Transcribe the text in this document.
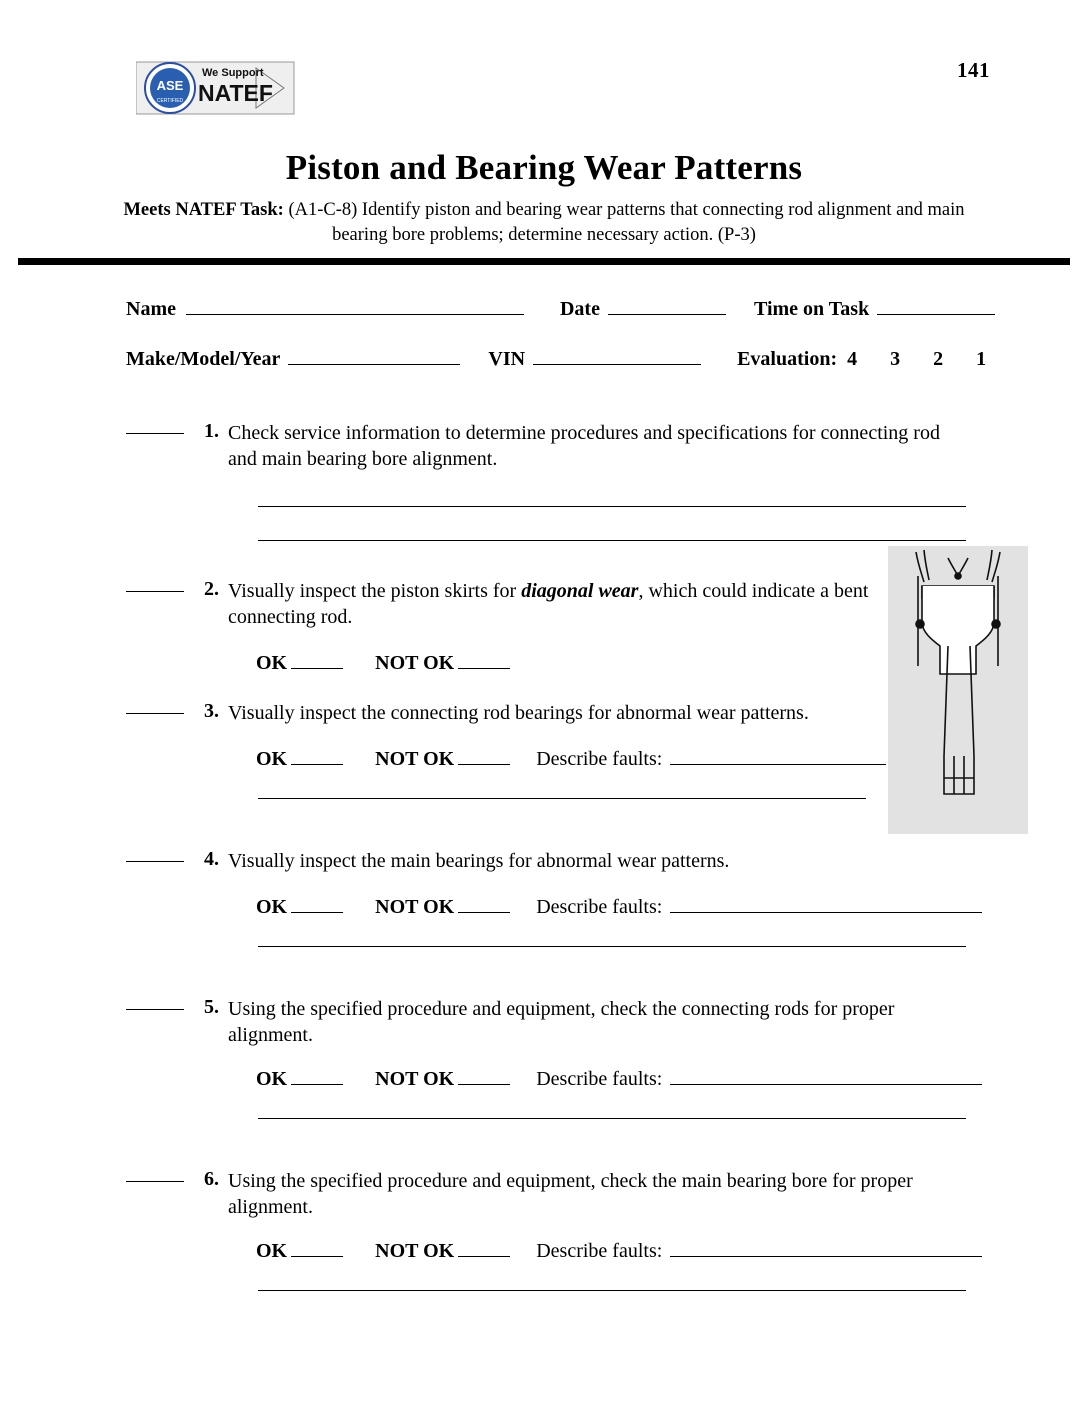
141
ASE
CERTIFIED
We Support
NATEF
Piston and Bearing Wear Patterns
Meets NATEF Task: (A1-C-8) Identify piston and bearing wear patterns that connecting rod alignment and main bearing bore problems; determine necessary action. (P-3)
Name	Date	Time on Task
Make/Model/Year	VIN	Evaluation: 4 3 2 1
1. Check service information to determine procedures and specifications for connecting rod and main bearing bore alignment.
2. Visually inspect the piston skirts for diagonal wear, which could indicate a bent connecting rod.
OK	NOT OK
3. Visually inspect the connecting rod bearings for abnormal wear patterns.
OK	NOT OK	Describe faults:
4. Visually inspect the main bearings for abnormal wear patterns.
OK	NOT OK	Describe faults:
5. Using the specified procedure and equipment, check the connecting rods for proper alignment.
OK	NOT OK	Describe faults:
6. Using the specified procedure and equipment, check the main bearing bore for proper alignment.
OK	NOT OK	Describe faults:
